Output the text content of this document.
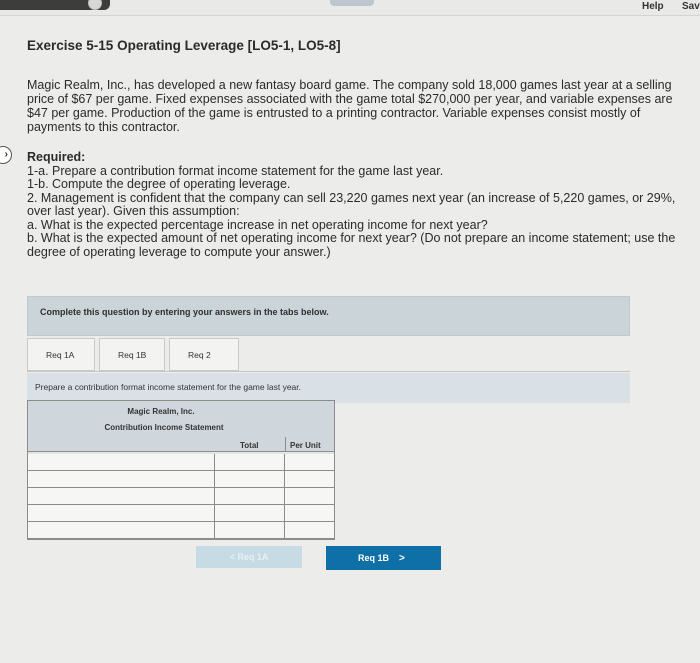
Help Sav
Exercise 5-15 Operating Leverage [LO5-1, LO5-8]
Magic Realm, Inc., has developed a new fantasy board game. The company sold 18,000 games last year at a selling price of $67 per game. Fixed expenses associated with the game total $270,000 per year, and variable expenses are $47 per game. Production of the game is entrusted to a printing contractor. Variable expenses consist mostly of payments to this contractor.
›	Required:
1-a. Prepare a contribution format income statement for the game last year.
1-b. Compute the degree of operating leverage.
2. Management is confident that the company can sell 23,220 games next year (an increase of 5,220 games, or 29%, over last year). Given this assumption:
a. What is the expected percentage increase in net operating income for next year?
b. What is the expected amount of net operating income for next year? (Do not prepare an income statement; use the degree of operating leverage to compute your answer.)
Complete this question by entering your answers in the tabs below.
Req 1A	Req 1B	Req 2
Prepare a contribution format income statement for the game last year.
Magic Realm, Inc.
Contribution Income Statement
Total	Per Unit
< Req 1A	Req 1B >
